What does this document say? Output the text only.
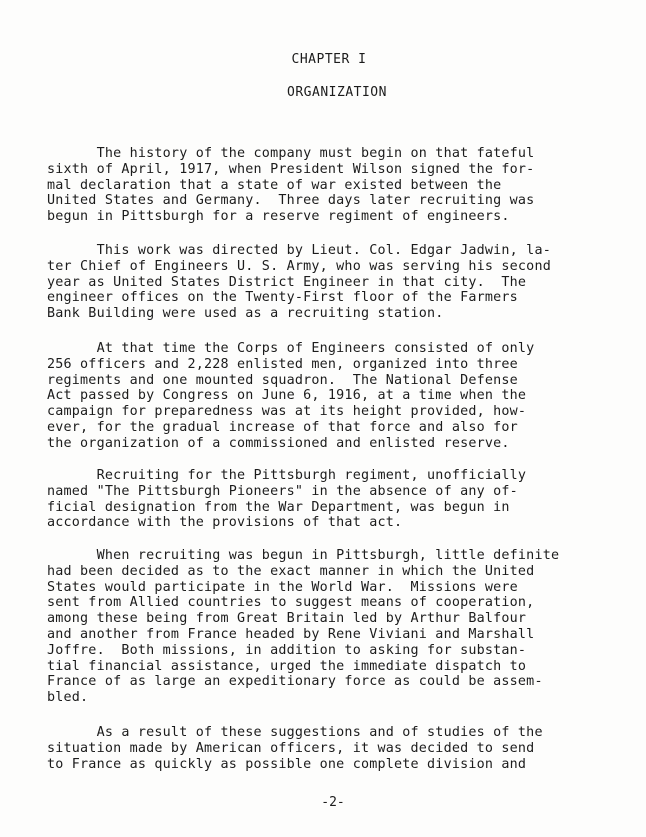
CHAPTER I
ORGANIZATION

The history of the company must begin on that fateful
sixth of April, 1917, when President Wilson signed the for-
mal declaration that a state of war existed between the
United States and Germany.  Three days later recruiting was
begun in Pittsburgh for a reserve regiment of engineers.

This work was directed by Lieut. Col. Edgar Jadwin, la-
ter Chief of Engineers U. S. Army, who was serving his second
year as United States District Engineer in that city.  The
engineer offices on the Twenty-First floor of the Farmers
Bank Building were used as a recruiting station.

At that time the Corps of Engineers consisted of only
256 officers and 2,228 enlisted men, organized into three
regiments and one mounted squadron.  The National Defense
Act passed by Congress on June 6, 1916, at a time when the
campaign for preparedness was at its height provided, how-
ever, for the gradual increase of that force and also for
the organization of a commissioned and enlisted reserve.

Recruiting for the Pittsburgh regiment, unofficially
named "The Pittsburgh Pioneers" in the absence of any of-
ficial designation from the War Department, was begun in
accordance with the provisions of that act.

When recruiting was begun in Pittsburgh, little definite
had been decided as to the exact manner in which the United
States would participate in the World War.  Missions were
sent from Allied countries to suggest means of cooperation,
among these being from Great Britain led by Arthur Balfour
and another from France headed by Rene Viviani and Marshall
Joffre.  Both missions, in addition to asking for substan-
tial financial assistance, urged the immediate dispatch to
France of as large an expeditionary force as could be assem-
bled.

As a result of these suggestions and of studies of the
situation made by American officers, it was decided to send
to France as quickly as possible one complete division and

-2-
